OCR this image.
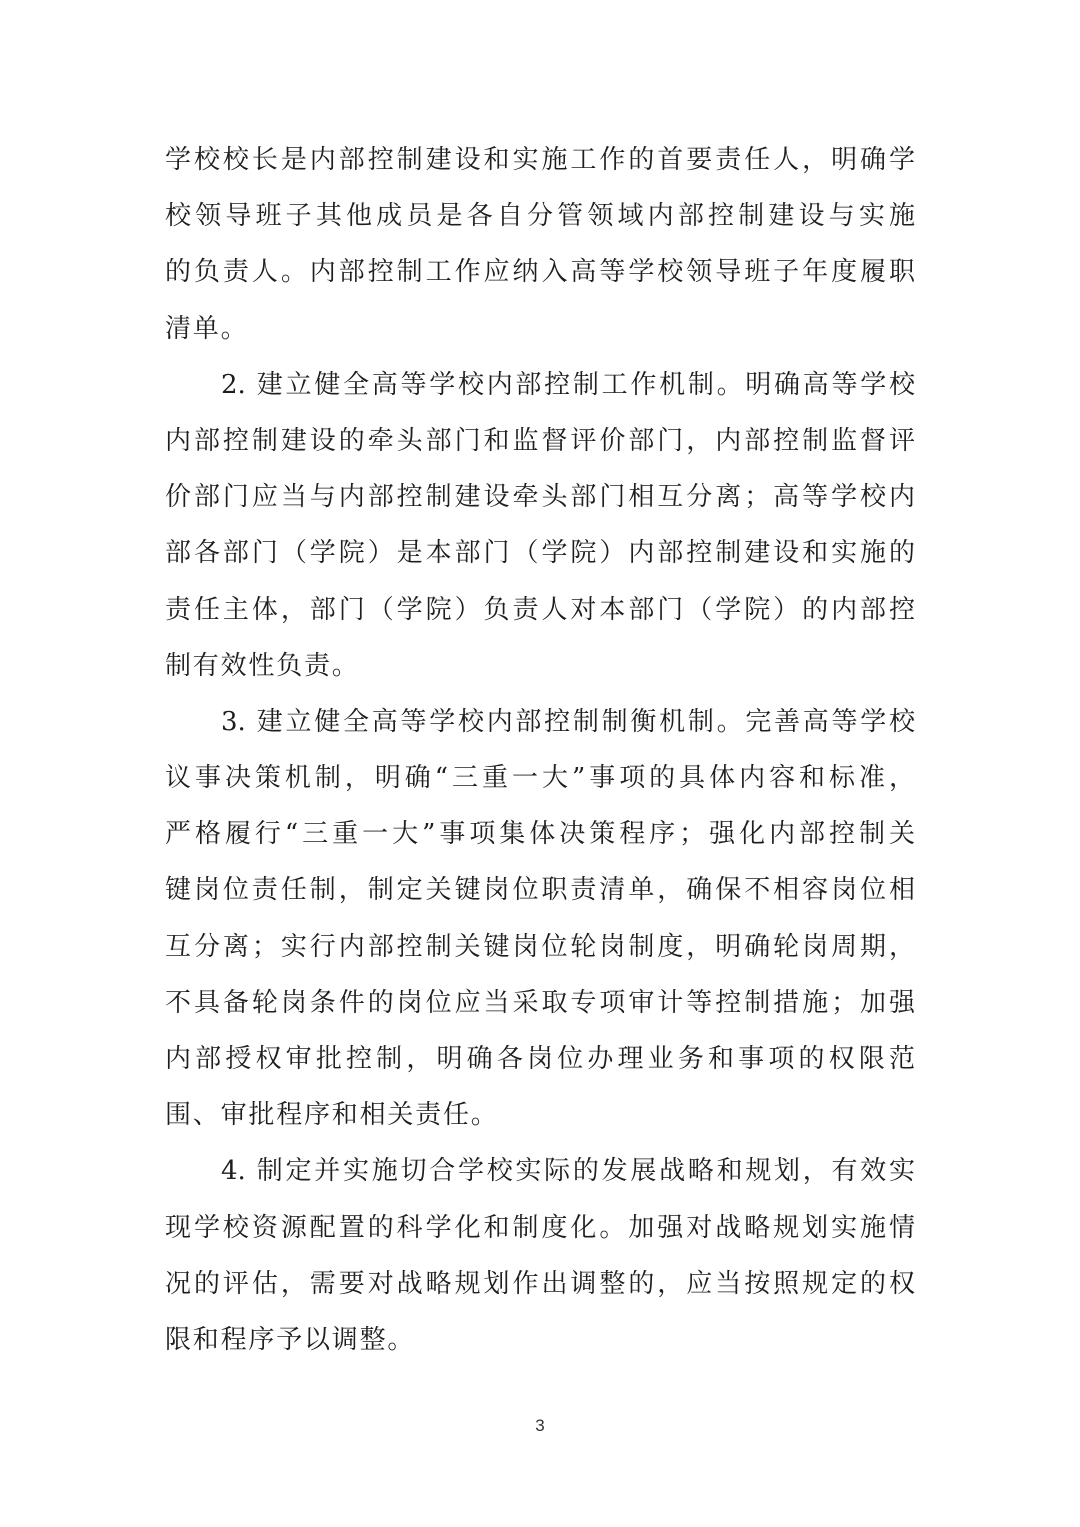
学校校长是内部控制建设和实施工作的首要责任人，明确学
校领导班子其他成员是各自分管领域内部控制建设与实施
的负责人。内部控制工作应纳入高等学校领导班子年度履职
清单。
2. 建立健全高等学校内部控制工作机制。明确高等学校
内部控制建设的牵头部门和监督评价部门，内部控制监督评
价部门应当与内部控制建设牵头部门相互分离；高等学校内
部各部门（学院）是本部门（学院）内部控制建设和实施的
责任主体，部门（学院）负责人对本部门（学院）的内部控
制有效性负责。
3. 建立健全高等学校内部控制制衡机制。完善高等学校
议事决策机制，明确“三重一大”事项的具体内容和标准，
严格履行“三重一大”事项集体决策程序；强化内部控制关
键岗位责任制，制定关键岗位职责清单，确保不相容岗位相
互分离；实行内部控制关键岗位轮岗制度，明确轮岗周期，
不具备轮岗条件的岗位应当采取专项审计等控制措施；加强
内部授权审批控制，明确各岗位办理业务和事项的权限范
围、审批程序和相关责任。
4. 制定并实施切合学校实际的发展战略和规划，有效实
现学校资源配置的科学化和制度化。加强对战略规划实施情
况的评估，需要对战略规划作出调整的，应当按照规定的权
限和程序予以调整。
3
